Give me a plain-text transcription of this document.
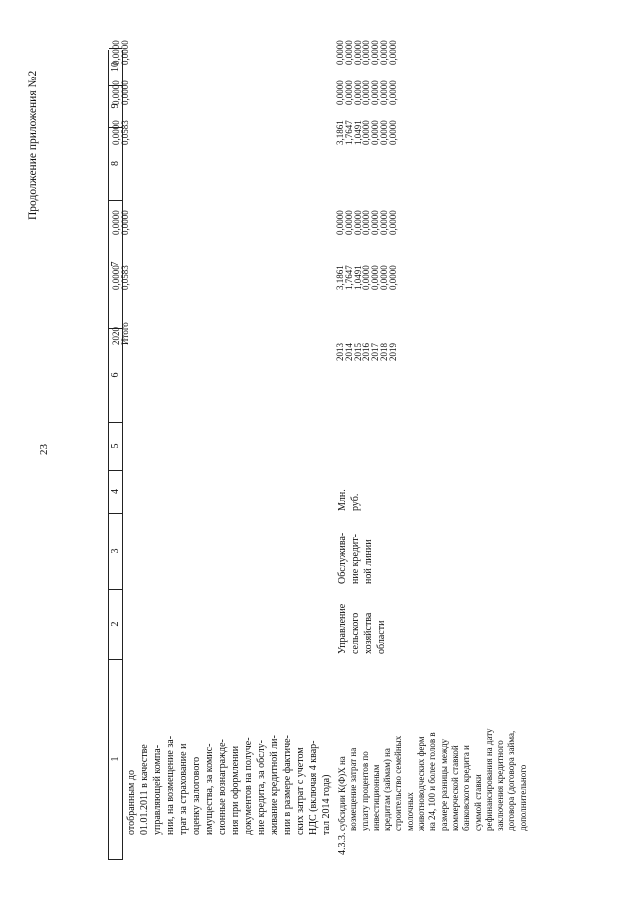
23
Продолжение приложения №2
1
2
3
4
5
6
7
8
9
10
отобранным до 01.01.2011 в качестве управляющей компа- нии, на возмещение за- трат за страхование и оценку залогового имущества, за комис- сионные вознагражде- ния при оформлении документов на получе- ние кредита, за обслу- живание кредитной ли- нии в размере фактиче- ских затрат с учетом НДС (включая 4 квар- тал 2014 года)
2020
Итого
0,0000
0,0583
0,0000
0,0000
0,0000
0,0583
0,0000
0,0000
0,0000
0,0000
4.3.3.
субсидии К(Ф)Х на возмещение затрат на уплату процентов по инвестиционным кредитам (займам) на строительство семейных молочных животноводческих ферм на 24, 100 и более голов в размере разницы между коммерческой ставкой банковского кредита и суммой ставки рефинансирования на дату заключения кредитного договора (договора займа, дополнительного
Управление сельского хозяйства области
Обслужива- ние кредит- ной линии
Млн. руб.
2013
2014
2015
2016
2017
2018
2019
3,1861
1,7647
1,0491
0,0000
0,0000
0,0000
0,0000
0,0000
0,0000
0,0000
0,0000
0,0000
0,0000
0,0000
3,1861
1,7647
1,0491
0,0000
0,0000
0,0000
0,0000
0,0000
0,0000
0,0000
0,0000
0,0000
0,0000
0,0000
0,0000
0,0000
0,0000
0,0000
0,0000
0,0000
0,0000
